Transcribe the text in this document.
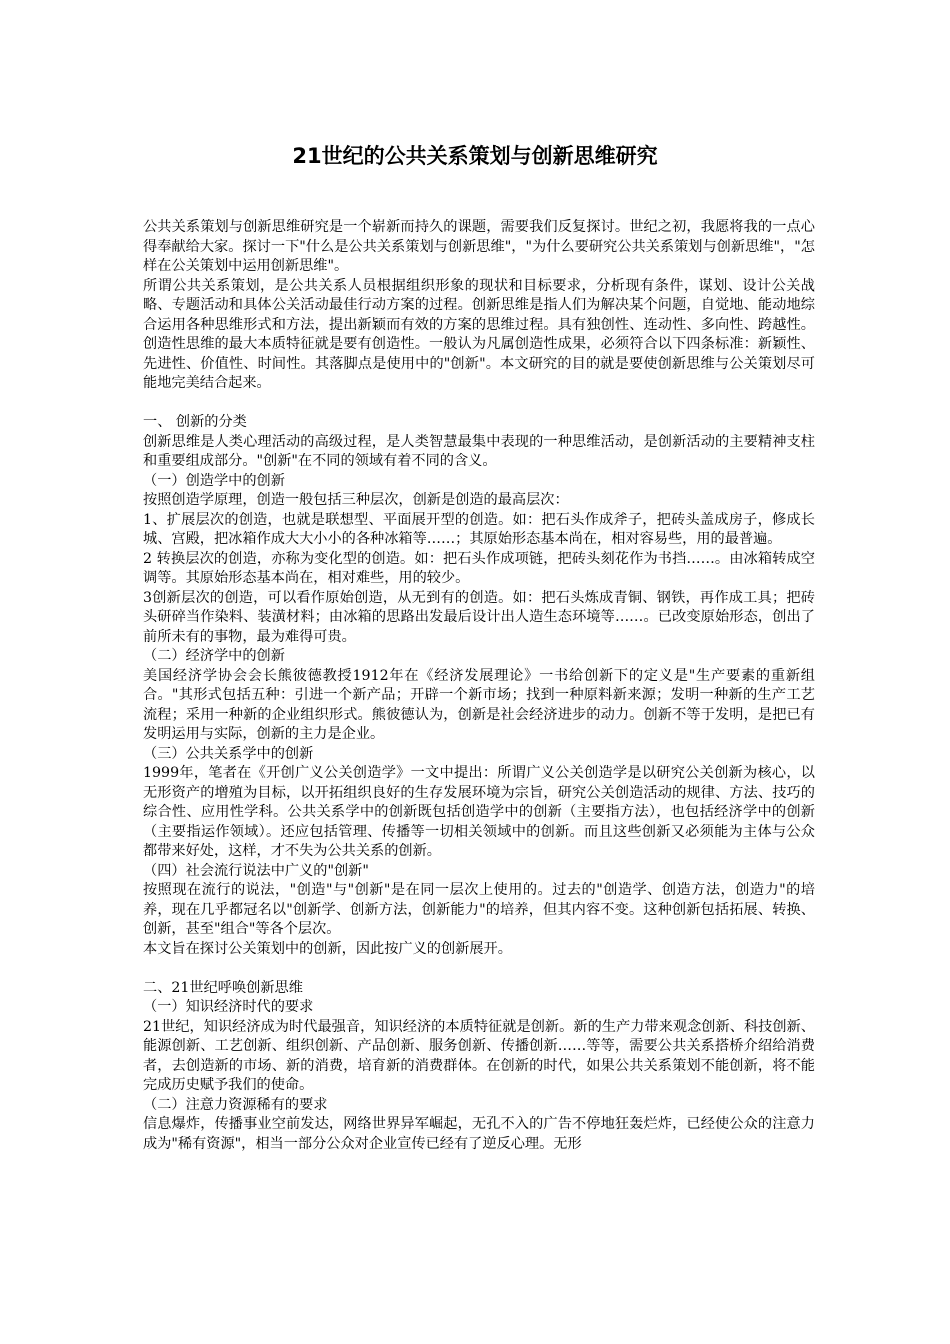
21世纪的公共关系策划与创新思维研究

公共关系策划与创新思维研究是一个崭新而持久的课题，需要我们反复探讨。世纪之初，我愿将我的一点心得奉献给大家。探讨一下"什么是公共关系策划与创新思维"，"为什么要研究公共关系策划与创新思维"，"怎样在公关策划中运用创新思维"。

所谓公共关系策划，是公共关系人员根据组织形象的现状和目标要求，分析现有条件，谋划、设计公关战略、专题活动和具体公关活动最佳行动方案的过程。创新思维是指人们为解决某个问题，自觉地、能动地综合运用各种思维形式和方法，提出新颖而有效的方案的思维过程。具有独创性、连动性、多向性、跨越性。创造性思维的最大本质特征就是要有创造性。一般认为凡属创造性成果，必须符合以下四条标准：新颖性、先进性、价值性、时间性。其落脚点是使用中的"创新"。本文研究的目的就是要使创新思维与公关策划尽可能地完美结合起来。

一、 创新的分类

创新思维是人类心理活动的高级过程，是人类智慧最集中表现的一种思维活动，是创新活动的主要精神支柱和重要组成部分。"创新"在不同的领域有着不同的含义。

（一）创造学中的创新

按照创造学原理，创造一般包括三种层次，创新是创造的最高层次：

1、扩展层次的创造，也就是联想型、平面展开型的创造。如：把石头作成斧子，把砖头盖成房子，修成长城、宫殿，把冰箱作成大大小小的各种冰箱等……；其原始形态基本尚在，相对容易些，用的最普遍。

2 转换层次的创造，亦称为变化型的创造。如：把石头作成项链，把砖头刻花作为书挡……。由冰箱转成空调等。其原始形态基本尚在，相对难些，用的较少。

3创新层次的创造，可以看作原始创造，从无到有的创造。如：把石头炼成青铜、钢铁，再作成工具；把砖头研碎当作染料、装潢材料；由冰箱的思路出发最后设计出人造生态环境等……。已改变原始形态，创出了前所未有的事物，最为难得可贵。

（二）经济学中的创新

美国经济学协会会长熊彼德教授1912年在《经济发展理论》一书给创新下的定义是"生产要素的重新组合。"其形式包括五种：引进一个新产品；开辟一个新市场；找到一种原料新来源；发明一种新的生产工艺流程；采用一种新的企业组织形式。熊彼德认为，创新是社会经济进步的动力。创新不等于发明，是把已有发明运用与实际，创新的主力是企业。

（三）公共关系学中的创新

1999年，笔者在《开创广义公关创造学》一文中提出：所谓广义公关创造学是以研究公关创新为核心，以无形资产的增殖为目标，以开拓组织良好的生存发展环境为宗旨，研究公关创造活动的规律、方法、技巧的综合性、应用性学科。公共关系学中的创新既包括创造学中的创新（主要指方法），也包括经济学中的创新（主要指运作领域）。还应包括管理、传播等一切相关领域中的创新。而且这些创新又必须能为主体与公众都带来好处，这样，才不失为公共关系的创新。

（四）社会流行说法中广义的"创新"

按照现在流行的说法，"创造"与"创新"是在同一层次上使用的。过去的"创造学、创造方法，创造力"的培养，现在几乎都冠名以"创新学、创新方法，创新能力"的培养，但其内容不变。这种创新包括拓展、转换、创新，甚至"组合"等各个层次。

本文旨在探讨公关策划中的创新，因此按广义的创新展开。

二、21世纪呼唤创新思维

（一）知识经济时代的要求

21世纪，知识经济成为时代最强音，知识经济的本质特征就是创新。新的生产力带来观念创新、科技创新、能源创新、工艺创新、组织创新、产品创新、服务创新、传播创新……等等，需要公共关系搭桥介绍给消费者，去创造新的市场、新的消费，培育新的消费群体。在创新的时代，如果公共关系策划不能创新，将不能完成历史赋予我们的使命。

（二）注意力资源稀有的要求

信息爆炸，传播事业空前发达，网络世界异军崛起，无孔不入的广告不停地狂轰烂炸，已经使公众的注意力成为"稀有资源"，相当一部分公众对企业宣传已经有了逆反心理。无形
